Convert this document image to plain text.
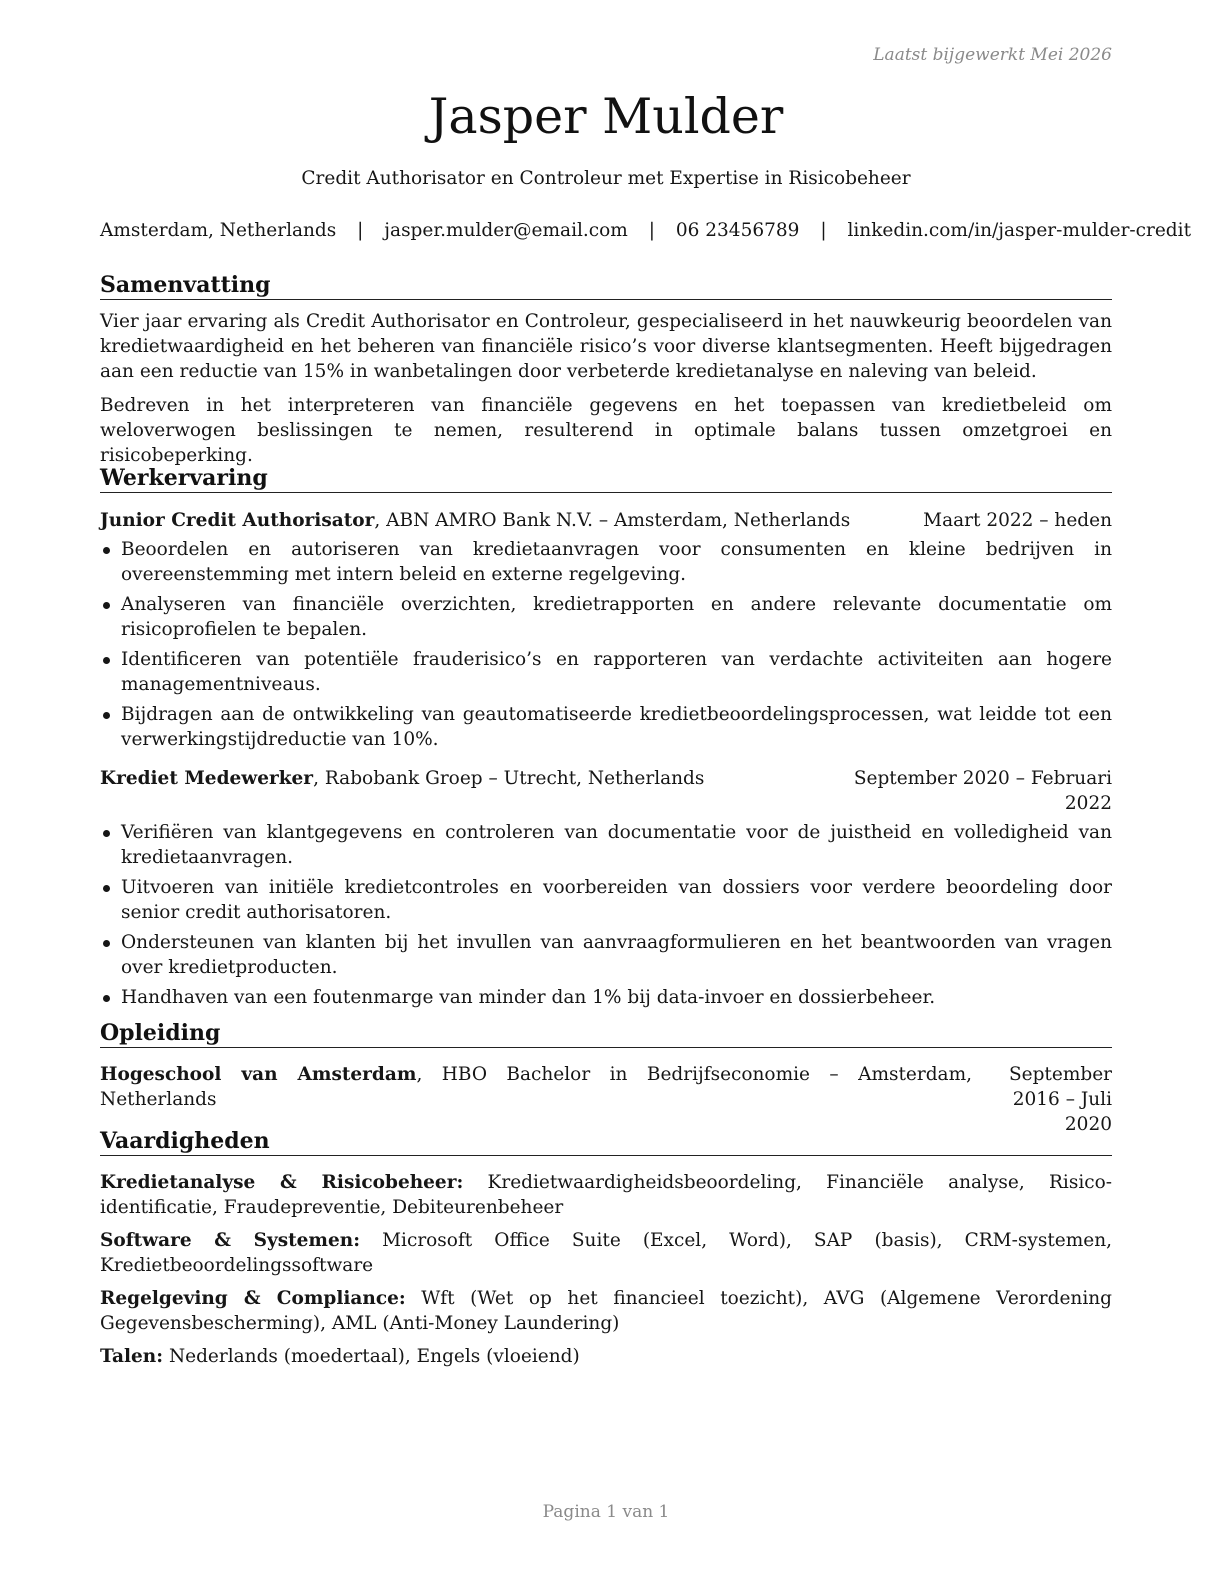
Laatst bijgewerkt Mei 2026
Jasper Mulder
Credit Authorisator en Controleur met Expertise in Risicobeheer
Amsterdam, Netherlands | jasper.mulder@email.com | 06 23456789 | linkedin.com/in/jasper-mulder-credit
Samenvatting

Vier jaar ervaring als Credit Authorisator en Controleur, gespecialiseerd in het nauwkeurig beoordelen van kredietwaardigheid en het beheren van financiële risico’s voor diverse klantsegmenten. Heeft bijgedragen aan een reductie van 15% in wanbetalingen door verbeterde kredietanalyse en naleving van beleid.

Bedreven in het interpreteren van financiële gegevens en het toepassen van kredietbeleid om weloverwogen beslissingen te nemen, resulterend in optimale balans tussen omzetgroei en risicobeperking.

Werkervaring
Junior Credit Authorisator, ABN AMRO Bank N.V. – Amsterdam, Netherlands	Maart 2022 – heden
Beoordelen en autoriseren van kredietaanvragen voor consumenten en kleine bedrijven in overeenstemming met intern beleid en externe regelgeving.
Analyseren van financiële overzichten, kredietrapporten en andere relevante documentatie om risicoprofielen te bepalen.
Identificeren van potentiële frauderisico’s en rapporteren van verdachte activiteiten aan hogere managementniveaus.
Bijdragen aan de ontwikkeling van geautomatiseerde kredietbeoordelingsprocessen, wat leidde tot een verwerkingstijdreductie van 10%.
Krediet Medewerker, Rabobank Groep – Utrecht, Netherlands	September 2020 – Februari
2022
Verifiëren van klantgegevens en controleren van documentatie voor de juistheid en volledigheid van kredietaanvragen.
Uitvoeren van initiële kredietcontroles en voorbereiden van dossiers voor verdere beoordeling door senior credit authorisatoren.
Ondersteunen van klanten bij het invullen van aanvraagformulieren en het beantwoorden van vragen over kredietproducten.
Handhaven van een foutenmarge van minder dan 1% bij data-invoer en dossierbeheer.
Opleiding
Hogeschool van Amsterdam, HBO Bachelor in Bedrijfseconomie – Amsterdam, Netherlands
September 2016 – Juli
2020
Vaardigheden
Kredietanalyse & Risicobeheer: Kredietwaardigheidsbeoordeling, Financiële analyse, Risico-identificatie, Fraudepreventie, Debiteurenbeheer
Software & Systemen: Microsoft Office Suite (Excel, Word), SAP (basis), CRM-systemen, Kredietbeoordelingssoftware
Regelgeving & Compliance: Wft (Wet op het financieel toezicht), AVG (Algemene Verordening Gegevensbescherming), AML (Anti-Money Laundering)
Talen: Nederlands (moedertaal), Engels (vloeiend)
Pagina 1 van 1
